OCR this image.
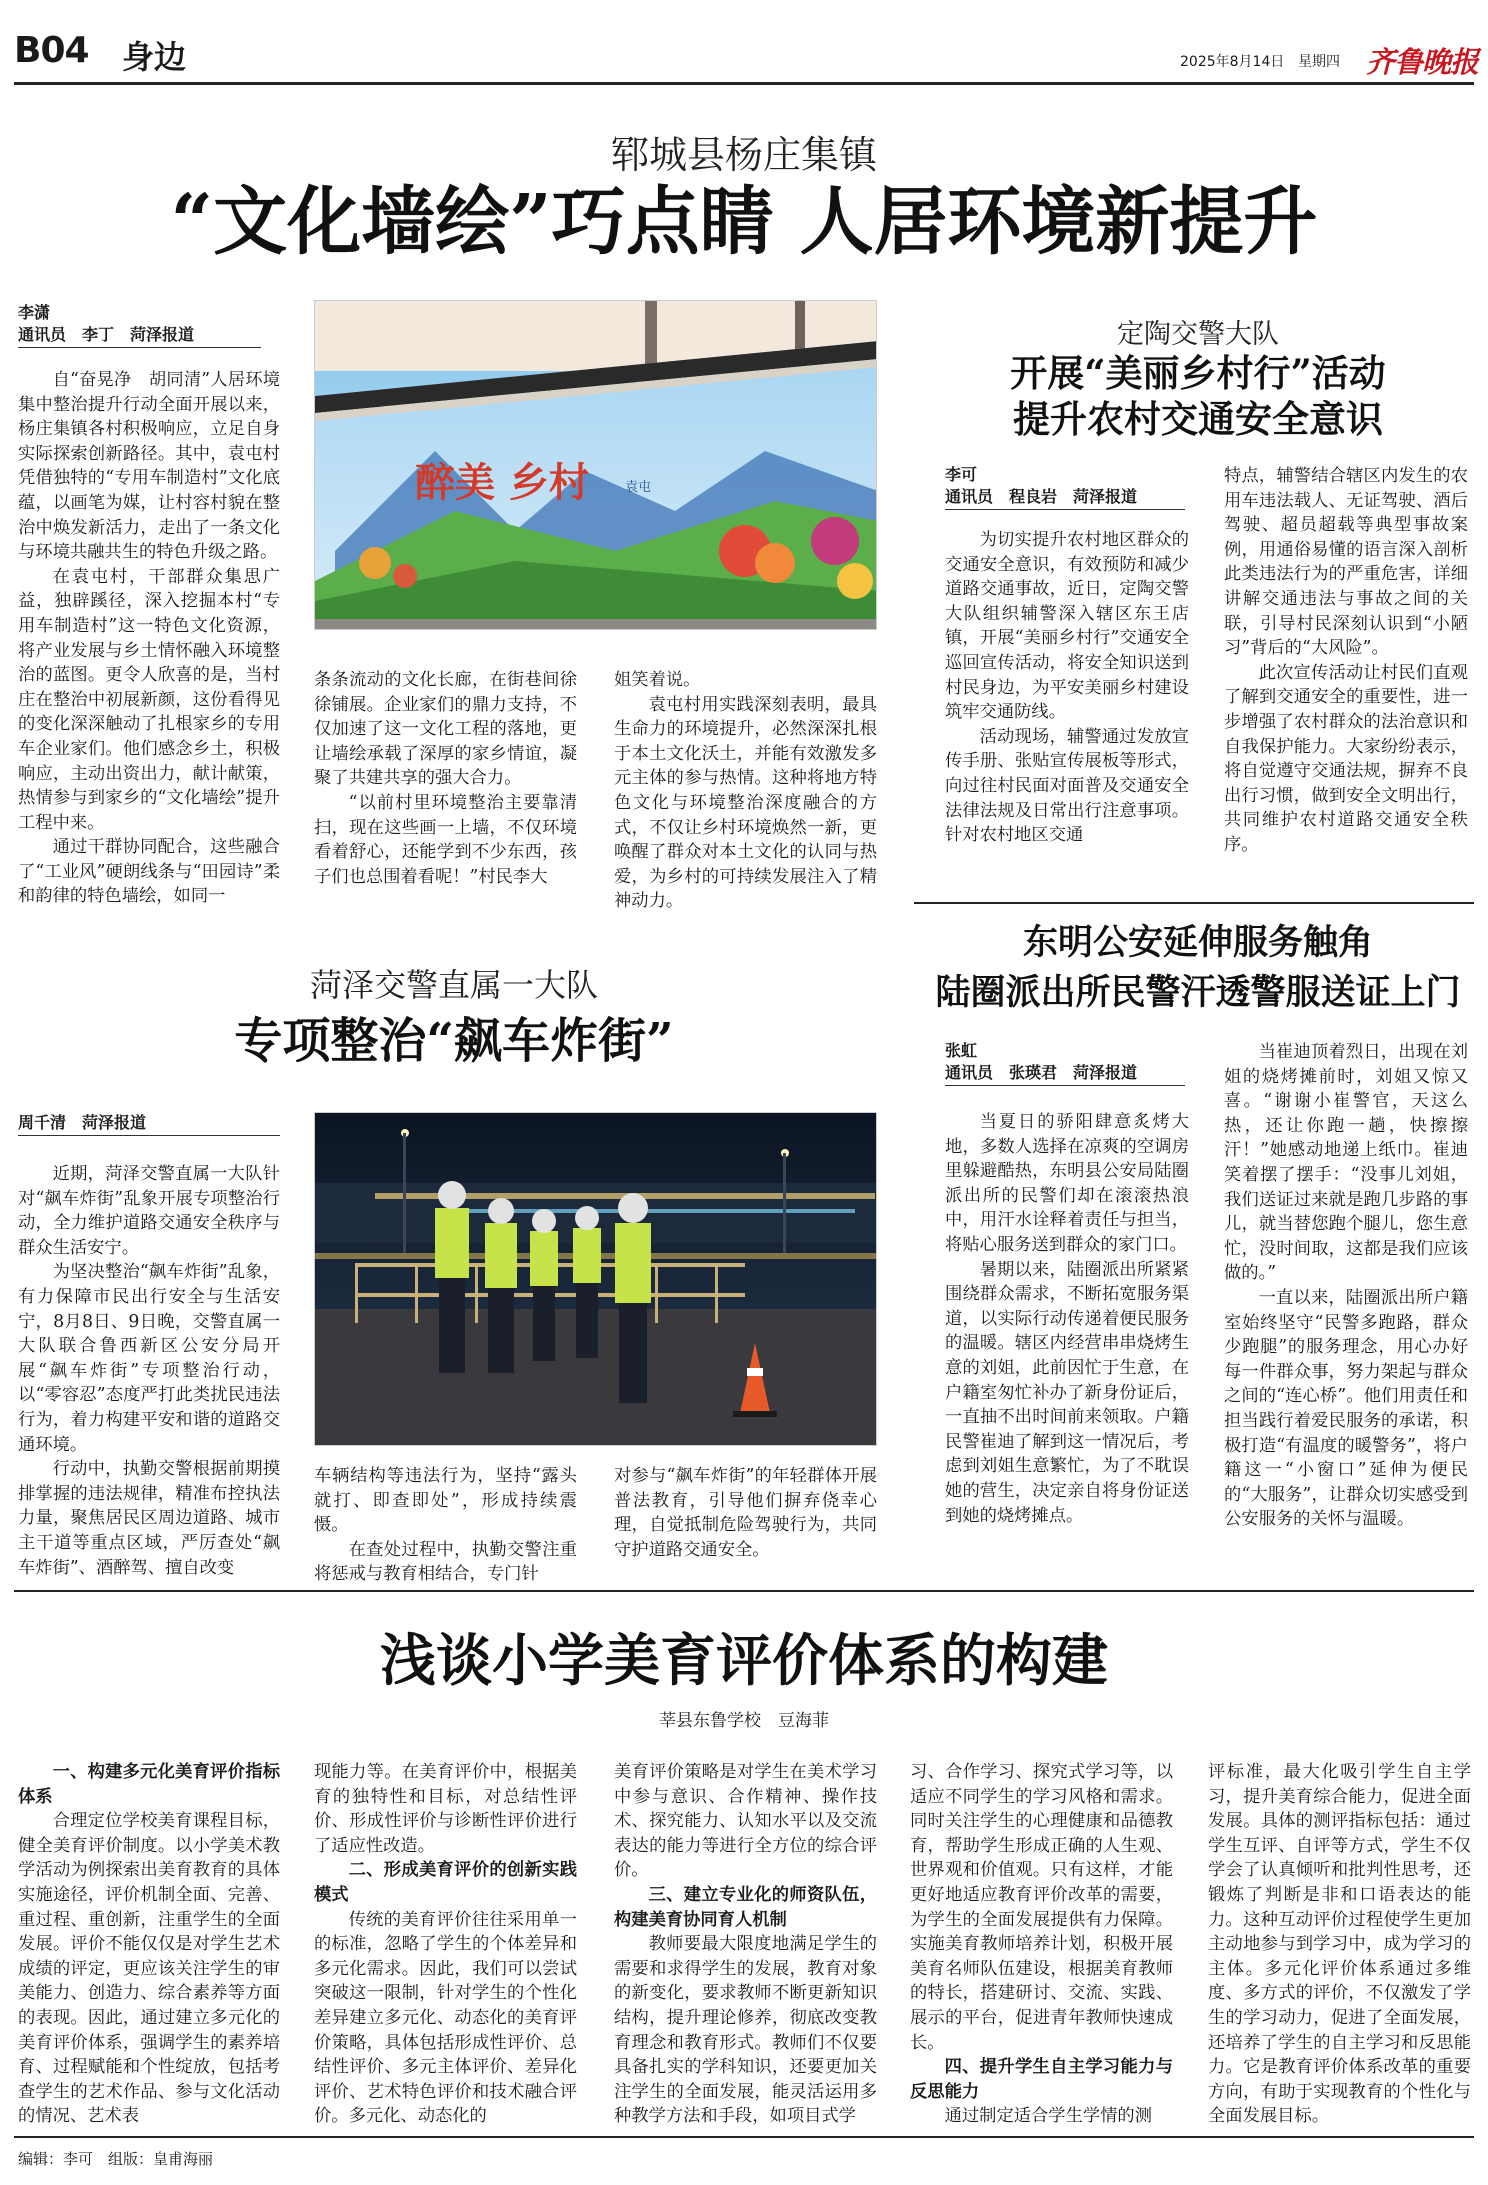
B04 身边	2025年8月14日 星期四 齐鲁晚报
郓城县杨庄集镇
“文化墙绘”巧点睛 人居环境新提升
李潇
通讯员　李丁　菏泽报道
醉美 乡村	袁屯

自“奋晃净　胡同清”人居环境集中整治提升行动全面开展以来，杨庄集镇各村积极响应，立足自身实际探索创新路径。其中，袁屯村凭借独特的“专用车制造村”文化底蕴，以画笔为媒，让村容村貌在整治中焕发新活力，走出了一条文化与环境共融共生的特色升级之路。

在袁屯村，干部群众集思广益，独辟蹊径，深入挖掘本村“专用车制造村”这一特色文化资源，将产业发展与乡土情怀融入环境整治的蓝图。更令人欣喜的是，当村庄在整治中初展新颜，这份看得见的变化深深触动了扎根家乡的专用车企业家们。他们感念乡土，积极响应，主动出资出力，献计献策，热情参与到家乡的“文化墙绘”提升工程中来。

通过干群协同配合，这些融合了“工业风”硬朗线条与“田园诗”柔和韵律的特色墙绘，如同一

条条流动的文化长廊，在街巷间徐徐铺展。企业家们的鼎力支持，不仅加速了这一文化工程的落地，更让墙绘承载了深厚的家乡情谊，凝聚了共建共享的强大合力。

“以前村里环境整治主要靠清扫，现在这些画一上墙，不仅环境看着舒心，还能学到不少东西，孩子们也总围着看呢！”村民李大

姐笑着说。

袁屯村用实践深刻表明，最具生命力的环境提升，必然深深扎根于本土文化沃土，并能有效激发多元主体的参与热情。这种将地方特色文化与环境整治深度融合的方式，不仅让乡村环境焕然一新，更唤醒了群众对本土文化的认同与热爱，为乡村的可持续发展注入了精神动力。

定陶交警大队
开展“美丽乡村行”活动
提升农村交通安全意识
李可
通讯员　程良岩　菏泽报道

为切实提升农村地区群众的交通安全意识，有效预防和减少道路交通事故，近日，定陶交警大队组织辅警深入辖区东王店镇，开展“美丽乡村行”交通安全巡回宣传活动，将安全知识送到村民身边，为平安美丽乡村建设筑牢交通防线。

活动现场，辅警通过发放宣传手册、张贴宣传展板等形式，向过往村民面对面普及交通安全法律法规及日常出行注意事项。针对农村地区交通

特点，辅警结合辖区内发生的农用车违法载人、无证驾驶、酒后驾驶、超员超载等典型事故案例，用通俗易懂的语言深入剖析此类违法行为的严重危害，详细讲解交通违法与事故之间的关联，引导村民深刻认识到“小陋习”背后的“大风险”。

此次宣传活动让村民们直观了解到交通安全的重要性，进一步增强了农村群众的法治意识和自我保护能力。大家纷纷表示，将自觉遵守交通法规，摒弃不良出行习惯，做到安全文明出行，共同维护农村道路交通安全秩序。

菏泽交警直属一大队
专项整治“飙车炸街”
周千清　菏泽报道

近期，菏泽交警直属一大队针对“飙车炸街”乱象开展专项整治行动，全力维护道路交通安全秩序与群众生活安宁。

为坚决整治“飙车炸街”乱象，有力保障市民出行安全与生活安宁，8月8日、9日晚，交警直属一大队联合鲁西新区公安分局开展“飙车炸街”专项整治行动，以“零容忍”态度严打此类扰民违法行为，着力构建平安和谐的道路交通环境。

行动中，执勤交警根据前期摸排掌握的违法规律，精准布控执法力量，聚焦居民区周边道路、城市主干道等重点区域，严厉查处“飙车炸街”、酒醉驾、擅自改变

车辆结构等违法行为，坚持“露头就打、即查即处”，形成持续震慑。

在查处过程中，执勤交警注重将惩戒与教育相结合，专门针

对参与“飙车炸街”的年轻群体开展普法教育，引导他们摒弃侥幸心理，自觉抵制危险驾驶行为，共同守护道路交通安全。

东明公安延伸服务触角
陆圈派出所民警汗透警服送证上门
张虹
通讯员　张瑛君　菏泽报道

当夏日的骄阳肆意炙烤大地，多数人选择在凉爽的空调房里躲避酷热，东明县公安局陆圈派出所的民警们却在滚滚热浪中，用汗水诠释着责任与担当，将贴心服务送到群众的家门口。

暑期以来，陆圈派出所紧紧围绕群众需求，不断拓宽服务渠道，以实际行动传递着便民服务的温暖。辖区内经营串串烧烤生意的刘姐，此前因忙于生意，在户籍室匆忙补办了新身份证后，一直抽不出时间前来领取。户籍民警崔迪了解到这一情况后，考虑到刘姐生意繁忙，为了不耽误她的营生，决定亲自将身份证送到她的烧烤摊点。

当崔迪顶着烈日，出现在刘姐的烧烤摊前时，刘姐又惊又喜。“谢谢小崔警官，天这么热，还让你跑一趟，快擦擦汗！”她感动地递上纸巾。崔迪笑着摆了摆手：“没事儿刘姐，我们送证过来就是跑几步路的事儿，就当替您跑个腿儿，您生意忙，没时间取，这都是我们应该做的。”

一直以来，陆圈派出所户籍室始终坚守“民警多跑路，群众少跑腿”的服务理念，用心办好每一件群众事，努力架起与群众之间的“连心桥”。他们用责任和担当践行着爱民服务的承诺，积极打造“有温度的暖警务”，将户籍这一“小窗口”延伸为便民的“大服务”，让群众切实感受到公安服务的关怀与温暖。

浅谈小学美育评价体系的构建
莘县东鲁学校　豆海菲

一、构建多元化美育评价指标体系

合理定位学校美育课程目标，健全美育评价制度。以小学美术教学活动为例探索出美育教育的具体实施途径，评价机制全面、完善、重过程、重创新，注重学生的全面发展。评价不能仅仅是对学生艺术成绩的评定，更应该关注学生的审美能力、创造力、综合素养等方面的表现。因此，通过建立多元化的美育评价体系，强调学生的素养培育、过程赋能和个性绽放，包括考查学生的艺术作品、参与文化活动的情况、艺术表

现能力等。在美育评价中，根据美育的独特性和目标，对总结性评价、形成性评价与诊断性评价进行了适应性改造。

二、形成美育评价的创新实践模式

传统的美育评价往往采用单一的标准，忽略了学生的个体差异和多元化需求。因此，我们可以尝试突破这一限制，针对学生的个性化差异建立多元化、动态化的美育评价策略，具体包括形成性评价、总结性评价、多元主体评价、差异化评价、艺术特色评价和技术融合评价。多元化、动态化的

美育评价策略是对学生在美术学习中参与意识、合作精神、操作技术、探究能力、认知水平以及交流表达的能力等进行全方位的综合评价。

三、建立专业化的师资队伍，构建美育协同育人机制

教师要最大限度地满足学生的需要和求得学生的发展，教育对象的新变化，要求教师不断更新知识结构，提升理论修养，彻底改变教育理念和教育形式。教师们不仅要具备扎实的学科知识，还要更加关注学生的全面发展，能灵活运用多种教学方法和手段，如项目式学

习、合作学习、探究式学习等，以适应不同学生的学习风格和需求。同时关注学生的心理健康和品德教育，帮助学生形成正确的人生观、世界观和价值观。只有这样，才能更好地适应教育评价改革的需要，为学生的全面发展提供有力保障。实施美育教师培养计划，积极开展美育名师队伍建设，根据美育教师的特长，搭建研讨、交流、实践、展示的平台，促进青年教师快速成长。

四、提升学生自主学习能力与反思能力

通过制定适合学生学情的测

评标准，最大化吸引学生自主学习，提升美育综合能力，促进全面发展。具体的测评指标包括：通过学生互评、自评等方式，学生不仅学会了认真倾听和批判性思考，还锻炼了判断是非和口语表达的能力。这种互动评价过程使学生更加主动地参与到学习中，成为学习的主体。多元化评价体系通过多维度、多方式的评价，不仅激发了学生的学习动力，促进了全面发展，还培养了学生的自主学习和反思能力。它是教育评价体系改革的重要方向，有助于实现教育的个性化与全面发展目标。

编辑：李可　组版：皇甫海丽
